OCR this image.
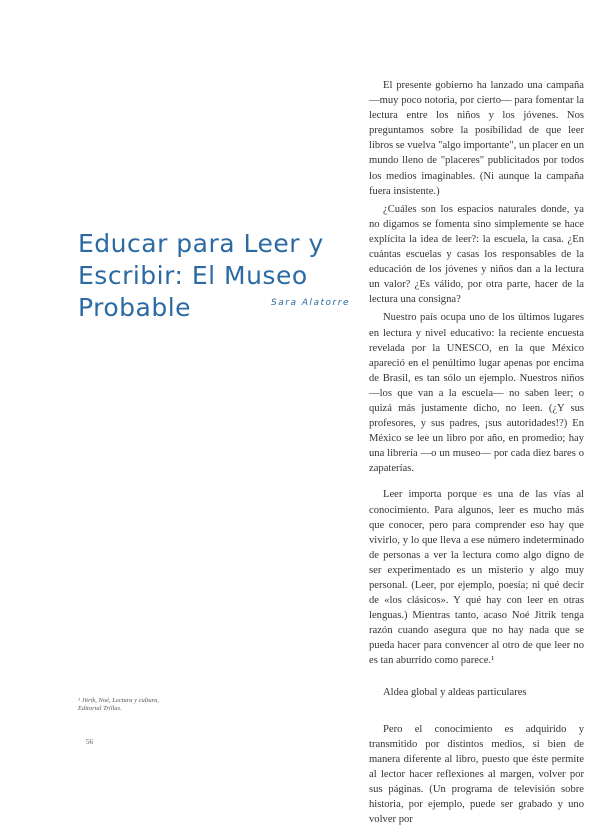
Educar para Leer y
Escribir: El Museo
Probable	Sara Alatorre

El presente gobierno ha lanzado una campaña —muy poco notoria, por cierto— para fomentar la lectura entre los niños y los jóvenes. Nos preguntamos sobre la posibilidad de que leer libros se vuelva "algo importante", un placer en un mundo lleno de "placeres" publicitados por todos los medios imaginables. (Ni aunque la campaña fuera insistente.)

¿Cuáles son los espacios naturales donde, ya no digamos se fomenta sino simplemente se hace explícita la idea de leer?: la escuela, la casa. ¿En cuántas escuelas y casas los responsables de la educación de los jóvenes y niños dan a la lectura un valor? ¿Es válido, por otra parte, hacer de la lectura una consigna?

Nuestro país ocupa uno de los últimos lugares en lectura y nivel educativo: la reciente encuesta revelada por la UNESCO, en la que México apareció en el penúltimo lugar apenas por encima de Brasil, es tan sólo un ejemplo. Nuestros niños —los que van a la escuela— no saben leer; o quizá más justamente dicho, no leen. (¿Y sus profesores, y sus padres, ¡sus autoridades!?) En México se lee un libro por año, en promedio; hay una librería —o un museo— por cada diez bares o zapaterías.

Leer importa porque es una de las vías al conocimiento. Para algunos, leer es mucho más que conocer, pero para comprender eso hay que vivirlo, y lo que lleva a ese número indeterminado de personas a ver la lectura como algo digno de ser experimentado es un misterio y algo muy personal. (Leer, por ejemplo, poesía; ni qué decir de «los clásicos». Y qué hay con leer en otras lenguas.) Mientras tanto, acaso Noé Jitrik tenga razón cuando asegura que no hay nada que se pueda hacer para convencer al otro de que leer no es tan aburrido como parece.¹

Aldea global y aldeas particulares

Pero el conocimiento es adquirido y transmitido por distintos medios, si bien de manera diferente al libro, puesto que éste permite al lector hacer reflexiones al margen, volver por sus páginas. (Un programa de televisión sobre historia, por ejemplo, puede ser grabado y uno volver por

¹ Jitrik, Noé, Lectura y cultura, Editorial Trillas.
56
